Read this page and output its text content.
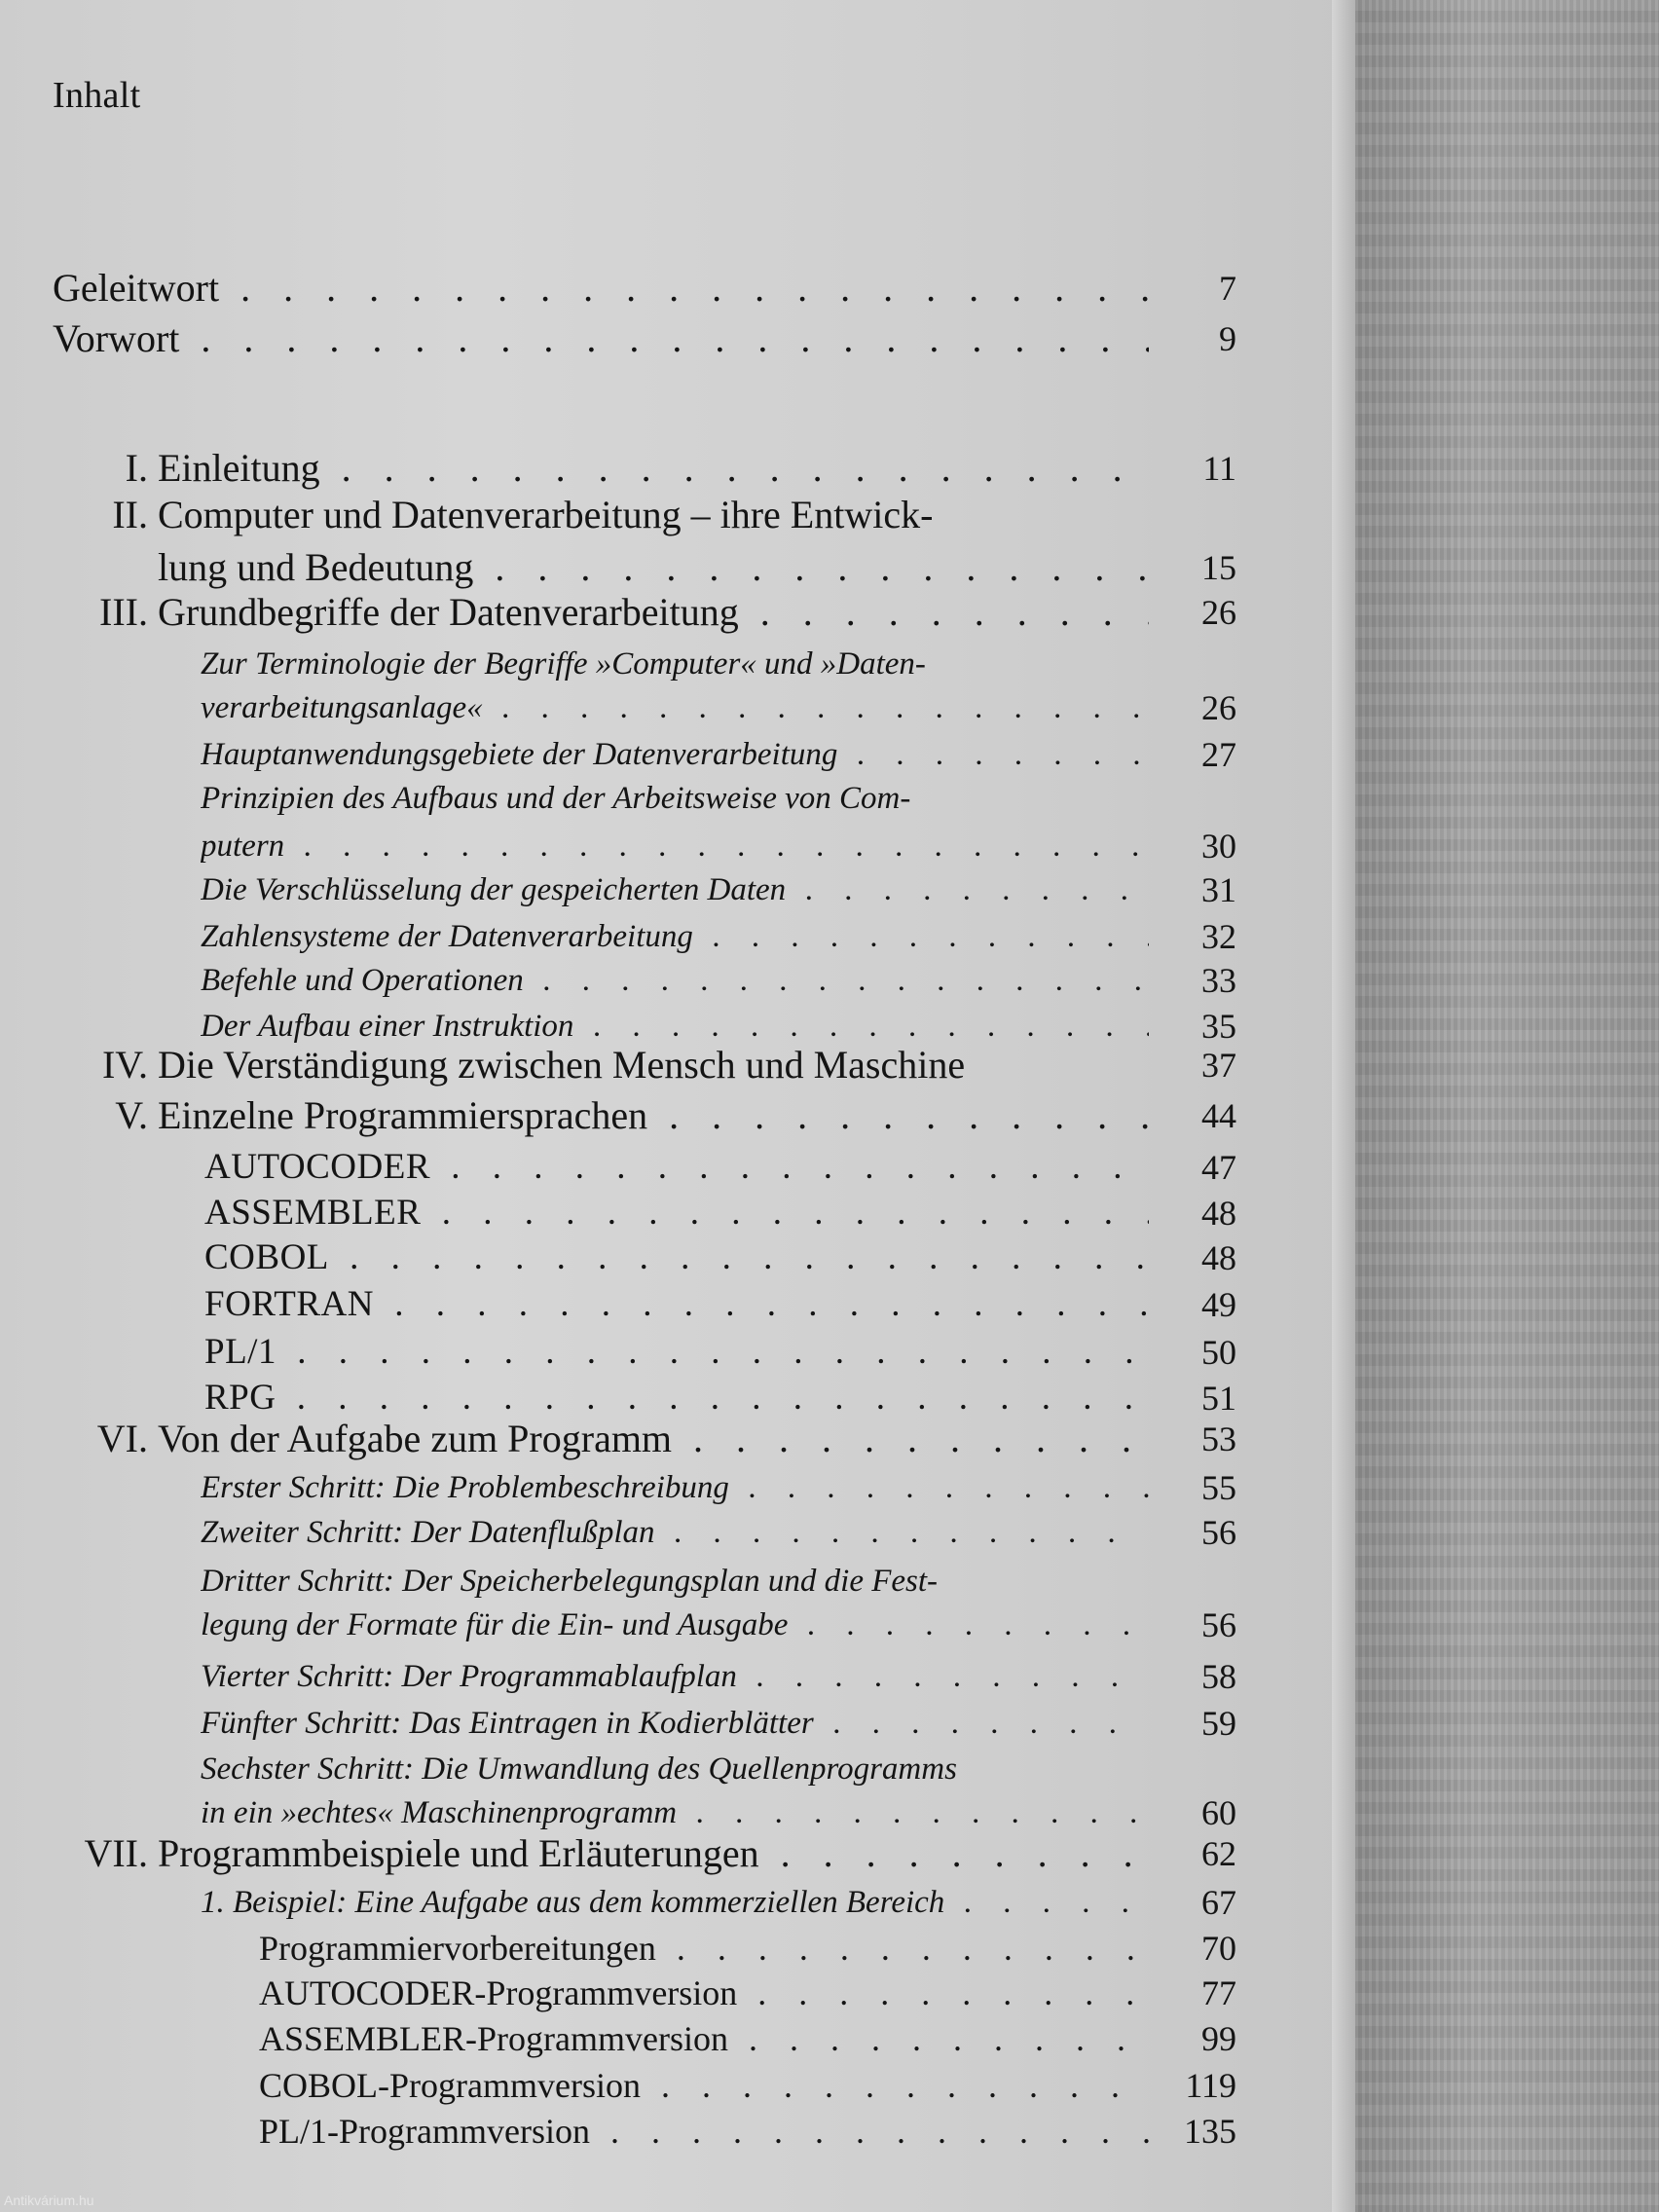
Inhalt
Geleitwort . . .	7
Vorwort . . .	9
I. Einleitung . . .	11
II. Computer und Datenverarbeitung – ihre Entwick-
lung und Bedeutung . . .	15
III. Grundbegriffe der Datenverarbeitung . . .	26
Zur Terminologie der Begriffe »Computer« und »Daten-
verarbeitungsanlage« . . .	26
Hauptanwendungsgebiete der Datenverarbeitung . . .	27
Prinzipien des Aufbaus und der Arbeitsweise von Com-
putern . . .	30
Die Verschlüsselung der gespeicherten Daten . . .	31
Zahlensysteme der Datenverarbeitung . . .	32
Befehle und Operationen . . .	33
Der Aufbau einer Instruktion . . .	35
IV. Die Verständigung zwischen Mensch und Maschine	37
V. Einzelne Programmiersprachen . . .	44
AUTOCODER . . .	47
ASSEMBLER . . .	48
COBOL . . .	48
FORTRAN . . .	49
PL/1 . . .	50
RPG . . .	51
VI. Von der Aufgabe zum Programm . . .	53
Erster Schritt: Die Problembeschreibung . . .	55
Zweiter Schritt: Der Datenflußplan . . .	56
Dritter Schritt: Der Speicherbelegungsplan und die Fest-
legung der Formate für die Ein- und Ausgabe . . .	56
Vierter Schritt: Der Programmablaufplan . . .	58
Fünfter Schritt: Das Eintragen in Kodierblätter . . .	59
Sechster Schritt: Die Umwandlung des Quellenprogramms
in ein »echtes« Maschinenprogramm . . .	60
VII. Programmbeispiele und Erläuterungen . . .	62
1. Beispiel: Eine Aufgabe aus dem kommerziellen Bereich . . .	67
Programmiervorbereitungen . . .	70
AUTOCODER-Programmversion . . .	77
ASSEMBLER-Programmversion . . .	99
COBOL-Programmversion . . .	119
PL/1-Programmversion . . .	135
Antikvárium.hu
